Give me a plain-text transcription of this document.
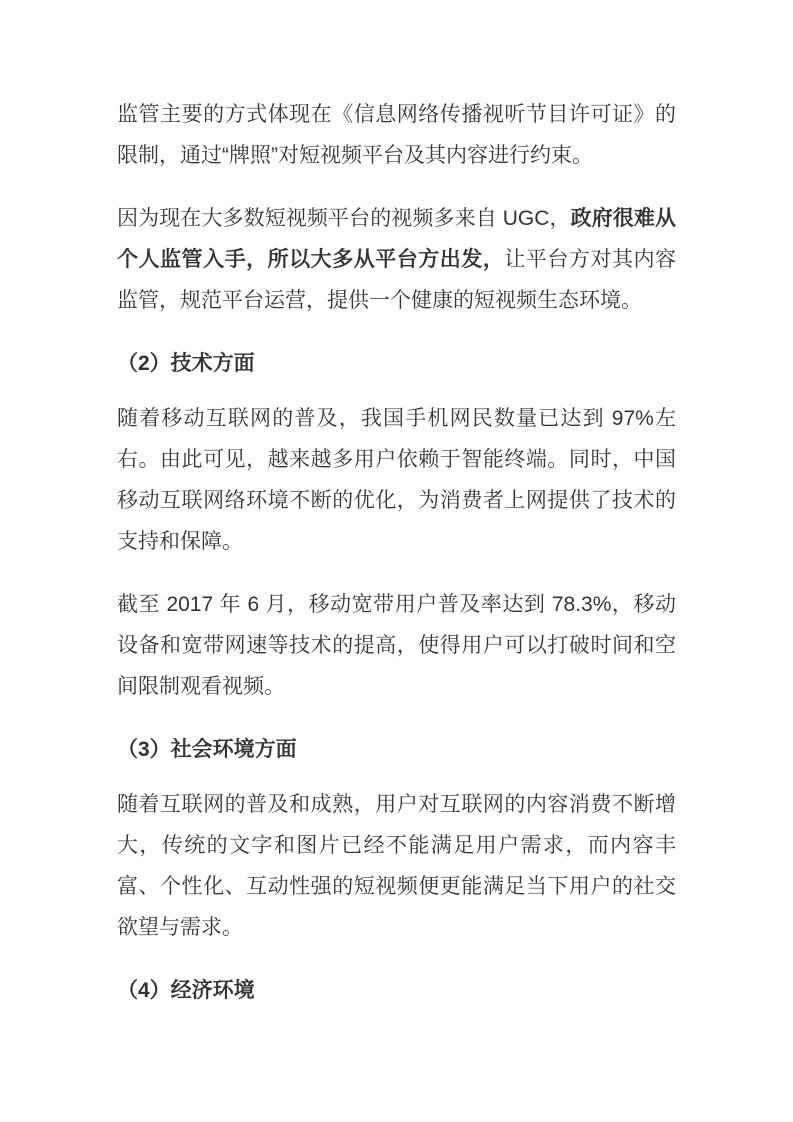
监管主要的方式体现在《信息网络传播视听节目许可证》的限制，通过“牌照”对短视频平台及其内容进行约束。

因为现在大多数短视频平台的视频多来自 UGC，政府很难从个人监管入手，所以大多从平台方出发，让平台方对其内容监管，规范平台运营，提供一个健康的短视频生态环境。

（2）技术方面

随着移动互联网的普及，我国手机网民数量已达到 97%左右。由此可见，越来越多用户依赖于智能终端。同时，中国移动互联网络环境不断的优化，为消费者上网提供了技术的支持和保障。

截至 2017 年 6 月，移动宽带用户普及率达到 78.3%，移动设备和宽带网速等技术的提高，使得用户可以打破时间和空间限制观看视频。

（3）社会环境方面

随着互联网的普及和成熟，用户对互联网的内容消费不断增大，传统的文字和图片已经不能满足用户需求，而内容丰富、个性化、互动性强的短视频便更能满足当下用户的社交欲望与需求。

（4）经济环境
